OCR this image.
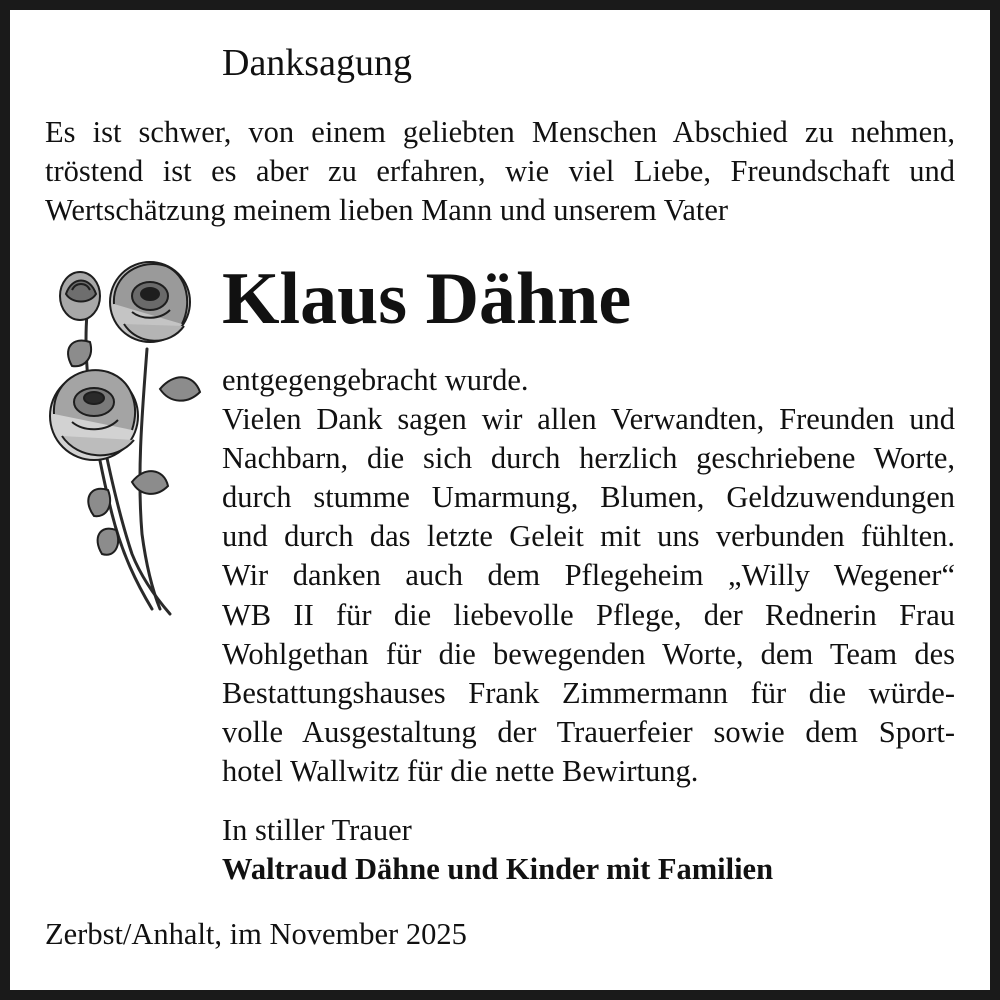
Danksagung

Es ist schwer, von einem geliebten Menschen Abschied zu nehmen,
tröstend ist es aber zu erfahren, wie viel Liebe, Freundschaft und
Wertschätzung meinem lieben Mann und unserem Vater

Klaus Dähne

entgegengebracht wurde.
Vielen Dank sagen wir allen Verwandten, Freunden und
Nachbarn, die sich durch herzlich geschriebene Worte,
durch stumme Umarmung, Blumen, Geldzuwendungen
und durch das letzte Geleit mit uns verbunden fühlten.
Wir danken auch dem Pflegeheim „Willy Wegener“
WB II für die liebevolle Pflege, der Rednerin Frau
Wohlgethan für die bewegenden Worte, dem Team des
Bestattungshauses Frank Zimmermann für die würde-
volle Ausgestaltung der Trauerfeier sowie dem Sport-
hotel Wallwitz für die nette Bewirtung.

In stiller Trauer
Waltraud Dähne und Kinder mit Familien
Zerbst/Anhalt, im November 2025
